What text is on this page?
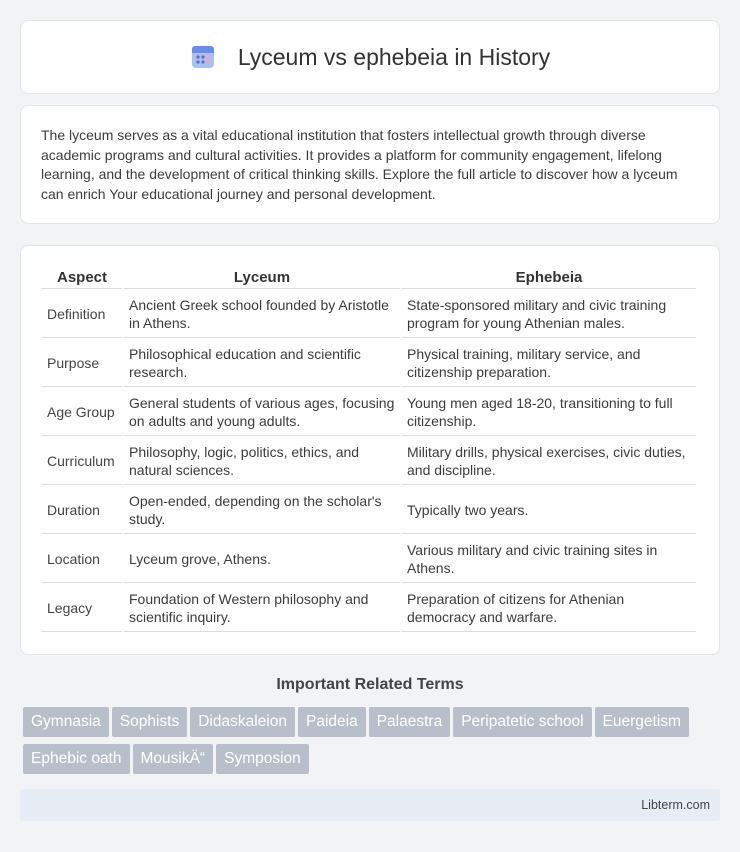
Lyceum vs ephebeia in History

The lyceum serves as a vital educational institution that fosters intellectual growth through diverse academic programs and cultural activities. It provides a platform for community engagement, lifelong learning, and the development of critical thinking skills. Explore the full article to discover how a lyceum can enrich Your educational journey and personal development.

Aspect	Lyceum	Ephebeia
Definition	Ancient Greek school founded by Aristotle in Athens.	State-sponsored military and civic training program for young Athenian males.
Purpose	Philosophical education and scientific research.	Physical training, military service, and citizenship preparation.
Age Group	General students of various ages, focusing on adults and young adults.	Young men aged 18-20, transitioning to full citizenship.
Curriculum	Philosophy, logic, politics, ethics, and natural sciences.	Military drills, physical exercises, civic duties, and discipline.
Duration	Open-ended, depending on the scholar's study.	Typically two years.
Location	Lyceum grove, Athens.	Various military and civic training sites in Athens.
Legacy	Foundation of Western philosophy and scientific inquiry.	Preparation of citizens for Athenian democracy and warfare.
Important Related Terms
Gymnasia	Sophists	Didaskaleion	Paideia	Palaestra	Peripatetic school	Euergetism
Ephebic oath	MousikÄ“	Symposion
Libterm.com
